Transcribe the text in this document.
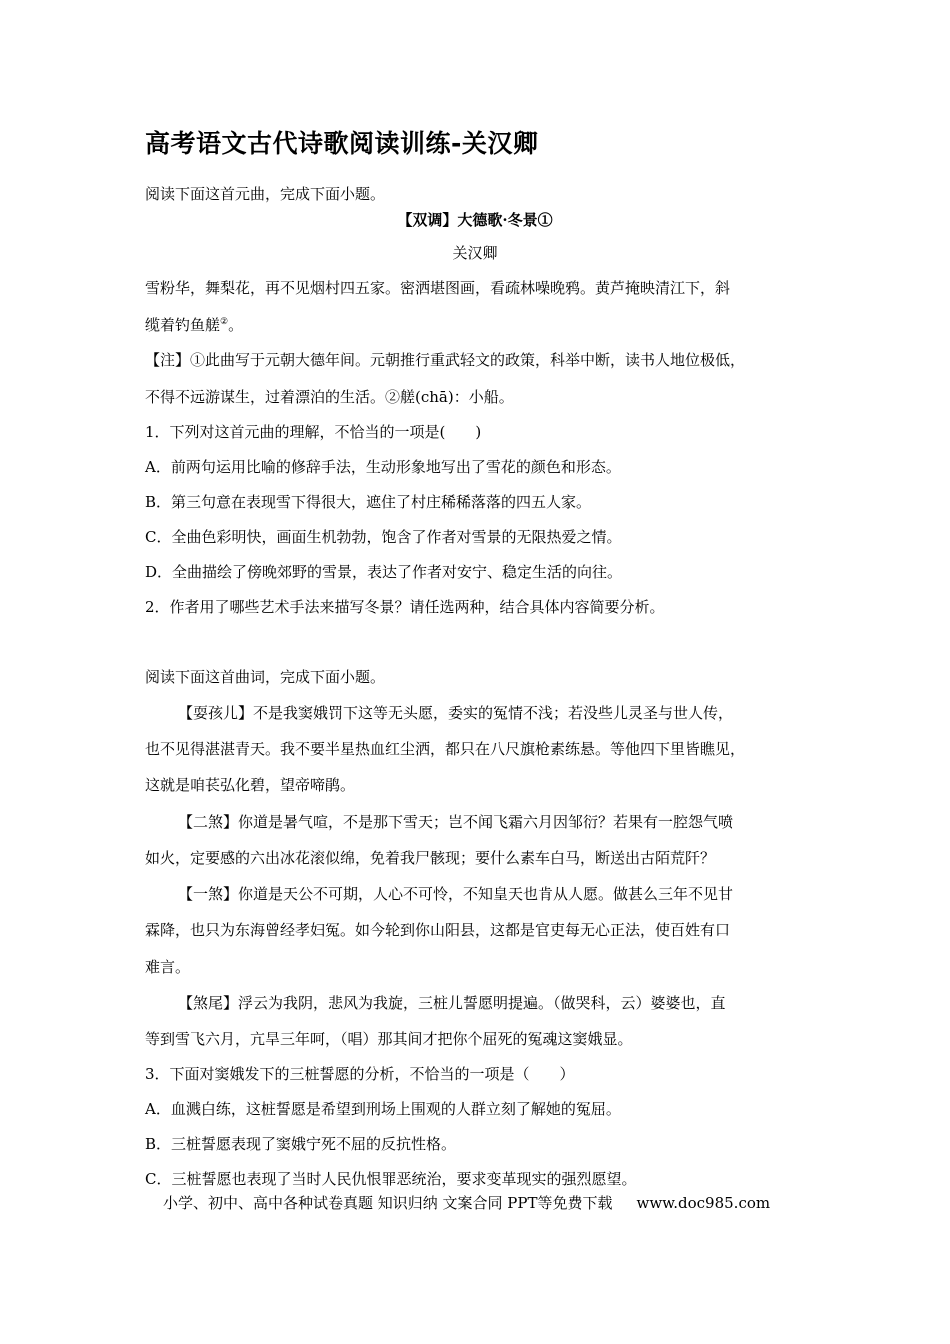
高考语文古代诗歌阅读训练-关汉卿
阅读下面这首元曲，完成下面小题。
【双调】大德歌·冬景①
关汉卿
雪粉华，舞梨花，再不见烟村四五家。密洒堪图画，看疏林噪晚鸦。黄芦掩映清江下，斜
缆着钓鱼艖②。
【注】①此曲写于元朝大德年间。元朝推行重武轻文的政策，科举中断，读书人地位极低，
不得不远游谋生，过着漂泊的生活。②艖(chā)：小船。
1．下列对这首元曲的理解，不恰当的一项是(　　)
A．前两句运用比喻的修辞手法，生动形象地写出了雪花的颜色和形态。
B．第三句意在表现雪下得很大，遮住了村庄稀稀落落的四五人家。
C．全曲色彩明快，画面生机勃勃，饱含了作者对雪景的无限热爱之情。
D．全曲描绘了傍晚郊野的雪景，表达了作者对安宁、稳定生活的向往。
2．作者用了哪些艺术手法来描写冬景？请任选两种，结合具体内容简要分析。
阅读下面这首曲词，完成下面小题。
【耍孩儿】不是我窦娥罚下这等无头愿，委实的冤情不浅；若没些儿灵圣与世人传，
也不见得湛湛青天。我不要半星热血红尘洒，都只在八尺旗枪素练悬。等他四下里皆瞧见，
这就是咱苌弘化碧，望帝啼鹃。
【二煞】你道是暑气喧，不是那下雪天；岂不闻飞霜六月因邹衍？若果有一腔怨气喷
如火，定要感的六出冰花滚似绵，免着我尸骸现；要什么素车白马，断送出古陌荒阡？
【一煞】你道是天公不可期，人心不可怜，不知皇天也肯从人愿。做甚么三年不见甘
霖降，也只为东海曾经孝妇冤。如今轮到你山阳县，这都是官吏每无心正法，使百姓有口
难言。
【煞尾】浮云为我阴，悲风为我旋，三桩儿誓愿明提遍。（做哭科，云）婆婆也，直
等到雪飞六月，亢旱三年呵，（唱）那其间才把你个屈死的冤魂这窦娥显。
3．下面对窦娥发下的三桩誓愿的分析，不恰当的一项是（　　）
A．血溅白练，这桩誓愿是希望到刑场上围观的人群立刻了解她的冤屈。
B．三桩誓愿表现了窦娥宁死不屈的反抗性格。
C．三桩誓愿也表现了当时人民仇恨罪恶统治，要求变革现实的强烈愿望。
小学、初中、高中各种试卷真题 知识归纳 文案合同 PPT等免费下载 www.doc985.com
